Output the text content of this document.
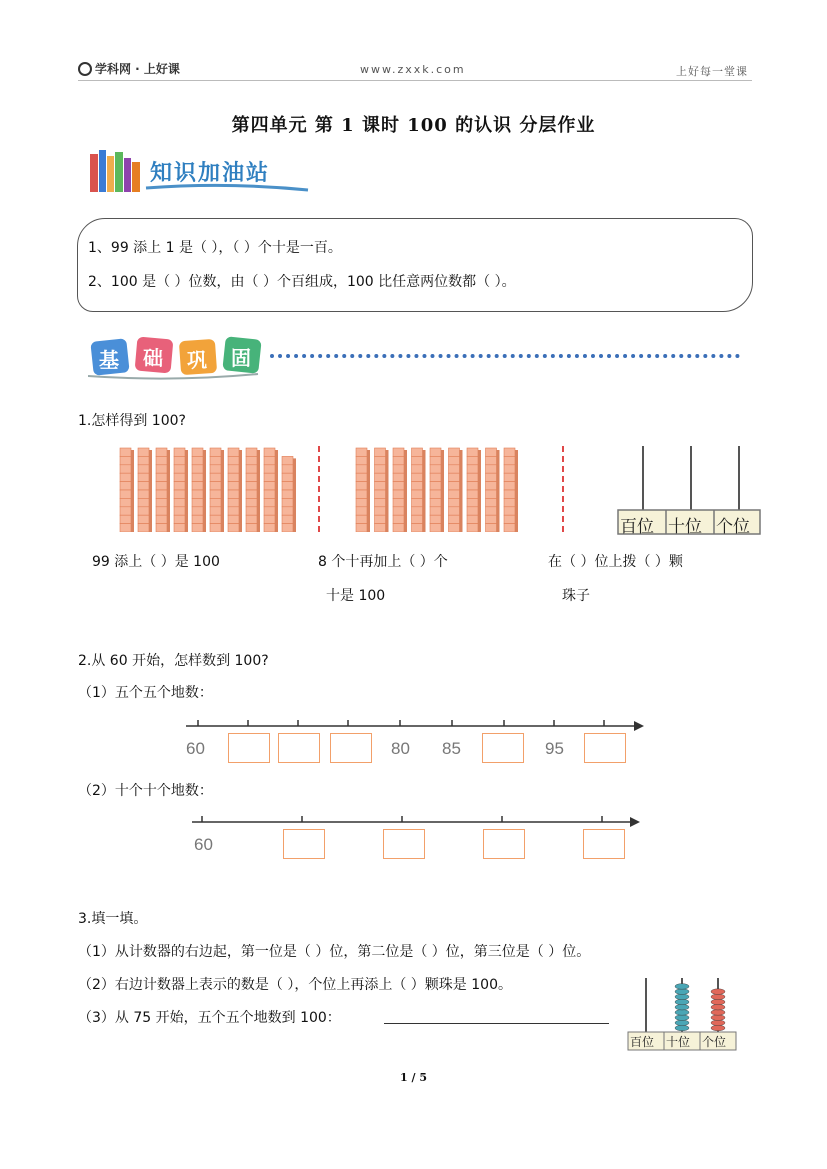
学科网 · 上好课	www.zxxk.com	上好每一堂课
第四单元 第 1 课时 100 的认识 分层作业
知识加油站
1、99 添上 1 是（ ），（ ）个十是一百。
2、100 是（ ）位数，由（ ）个百组成，100 比任意两位数都（ ）。
基 础 巩 固
1.怎样得到 100?
百位 十位 个位
99 添上（ ）是 100	8 个十再加上（ ）个
十是 100
在（ ）位上拨（ ）颗
珠子
2.从 60 开始，怎样数到 100?
（1）五个五个地数：
60	80 85	95
（2）十个十个地数：
60
3.填一填。
（1）从计数器的右边起，第一位是（ ）位，第二位是（ ）位，第三位是（ ）位。
（2）右边计数器上表示的数是（ ），个位上再添上（ ）颗珠是 100。
（3）从 75 开始，五个五个地数到 100：
百位 十位 个位
1 / 5
